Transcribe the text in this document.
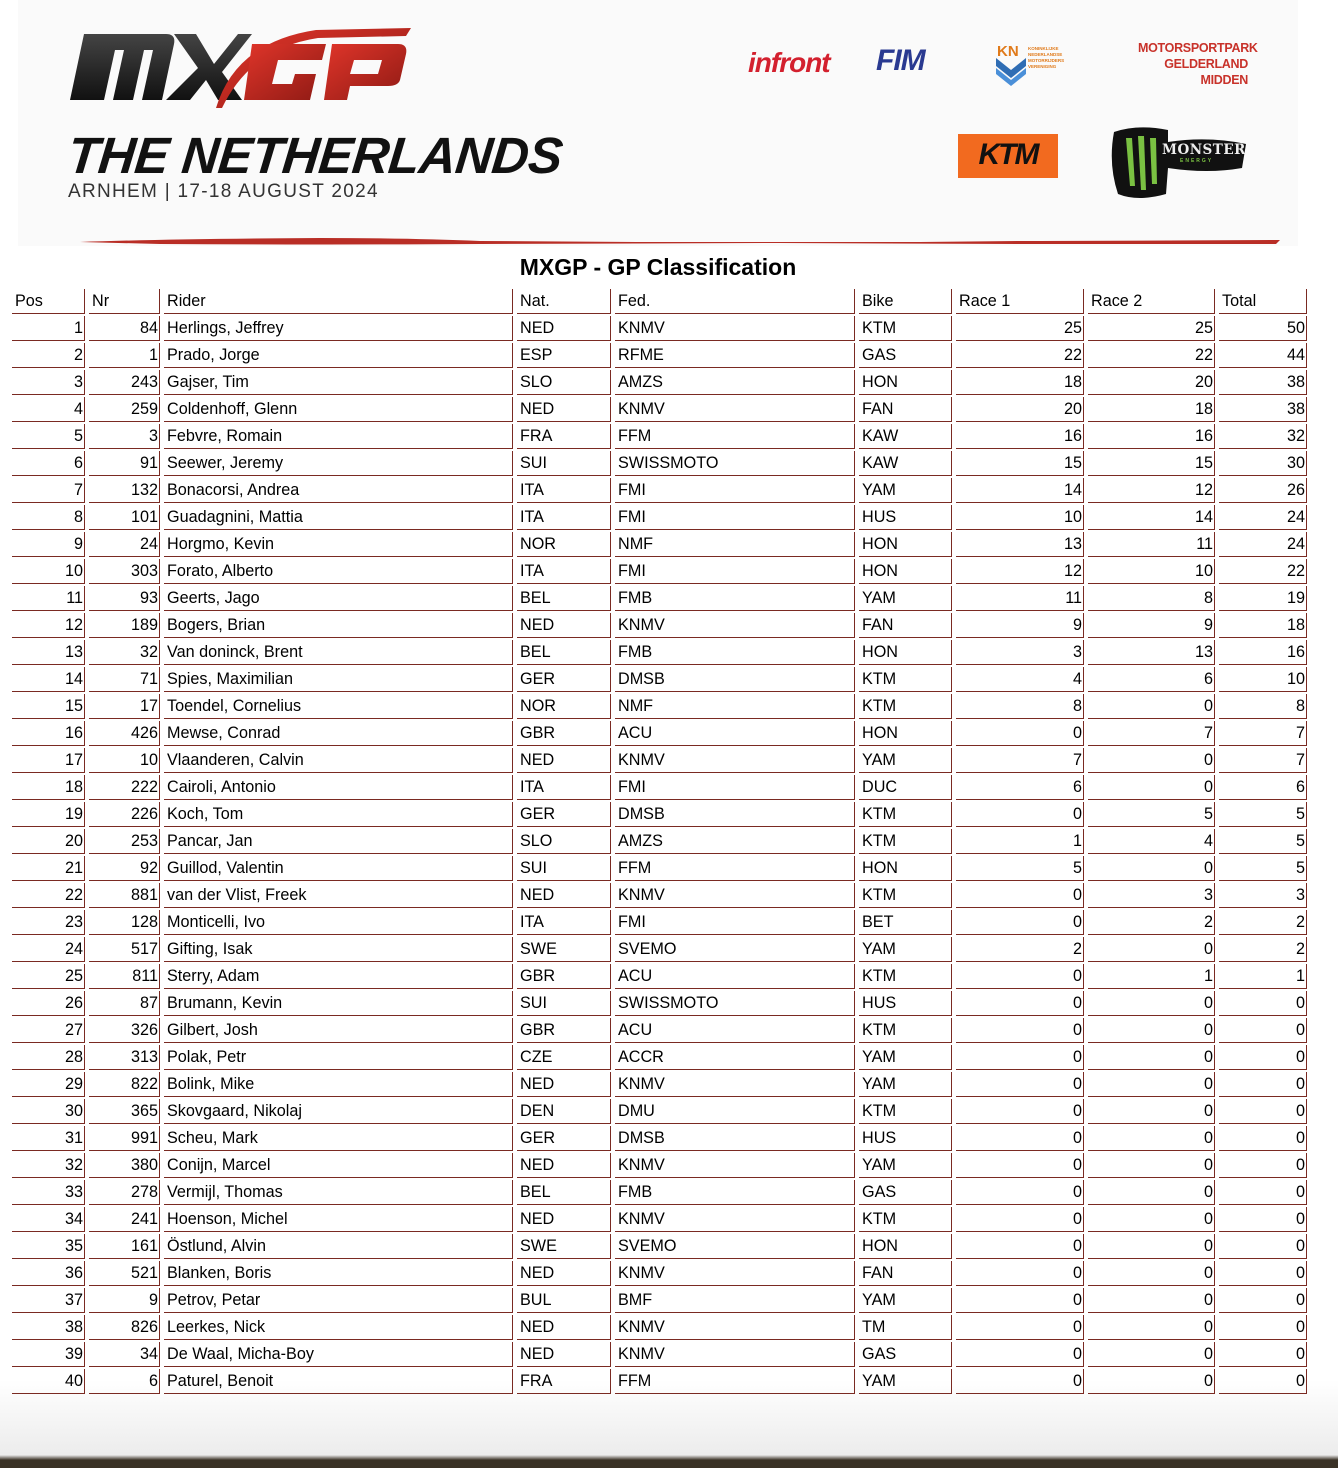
THE NETHERLANDS
ARNHEM | 17-18 AUGUST 2024
infront FIM	KN KONINKLIJKE NEDERLANDSE MOTORRIJDERS VERENIGING
MOTORSPORTPARK
GELDERLAND
MIDDEN
KTM	MONSTER
ENERGY
MXGP - GP Classification
Pos	Nr	Rider	Nat.	Fed.	Bike	Race 1	Race 2	Total
1	84	Herlings, Jeffrey	NED	KNMV	KTM	25	25	50
2	1	Prado, Jorge	ESP	RFME	GAS	22	22	44
3	243	Gajser, Tim	SLO	AMZS	HON	18	20	38
4	259	Coldenhoff, Glenn	NED	KNMV	FAN	20	18	38
5	3	Febvre, Romain	FRA	FFM	KAW	16	16	32
6	91	Seewer, Jeremy	SUI	SWISSMOTO	KAW	15	15	30
7	132	Bonacorsi, Andrea	ITA	FMI	YAM	14	12	26
8	101	Guadagnini, Mattia	ITA	FMI	HUS	10	14	24
9	24	Horgmo, Kevin	NOR	NMF	HON	13	11	24
10	303	Forato, Alberto	ITA	FMI	HON	12	10	22
11	93	Geerts, Jago	BEL	FMB	YAM	11	8	19
12	189	Bogers, Brian	NED	KNMV	FAN	9	9	18
13	32	Van doninck, Brent	BEL	FMB	HON	3	13	16
14	71	Spies, Maximilian	GER	DMSB	KTM	4	6	10
15	17	Toendel, Cornelius	NOR	NMF	KTM	8	0	8
16	426	Mewse, Conrad	GBR	ACU	HON	0	7	7
17	10	Vlaanderen, Calvin	NED	KNMV	YAM	7	0	7
18	222	Cairoli, Antonio	ITA	FMI	DUC	6	0	6
19	226	Koch, Tom	GER	DMSB	KTM	0	5	5
20	253	Pancar, Jan	SLO	AMZS	KTM	1	4	5
21	92	Guillod, Valentin	SUI	FFM	HON	5	0	5
22	881	van der Vlist, Freek	NED	KNMV	KTM	0	3	3
23	128	Monticelli, Ivo	ITA	FMI	BET	0	2	2
24	517	Gifting, Isak	SWE	SVEMO	YAM	2	0	2
25	811	Sterry, Adam	GBR	ACU	KTM	0	1	1
26	87	Brumann, Kevin	SUI	SWISSMOTO	HUS	0	0	0
27	326	Gilbert, Josh	GBR	ACU	KTM	0	0	0
28	313	Polak, Petr	CZE	ACCR	YAM	0	0	0
29	822	Bolink, Mike	NED	KNMV	YAM	0	0	0
30	365	Skovgaard, Nikolaj	DEN	DMU	KTM	0	0	0
31	991	Scheu, Mark	GER	DMSB	HUS	0	0	0
32	380	Conijn, Marcel	NED	KNMV	YAM	0	0	0
33	278	Vermijl, Thomas	BEL	FMB	GAS	0	0	0
34	241	Hoenson, Michel	NED	KNMV	KTM	0	0	0
35	161	Östlund, Alvin	SWE	SVEMO	HON	0	0	0
36	521	Blanken, Boris	NED	KNMV	FAN	0	0	0
37	9	Petrov, Petar	BUL	BMF	YAM	0	0	0
38	826	Leerkes, Nick	NED	KNMV	TM	0	0	0
39	34	De Waal, Micha-Boy	NED	KNMV	GAS	0	0	0
40	6	Paturel, Benoit	FRA	FFM	YAM	0	0	0
